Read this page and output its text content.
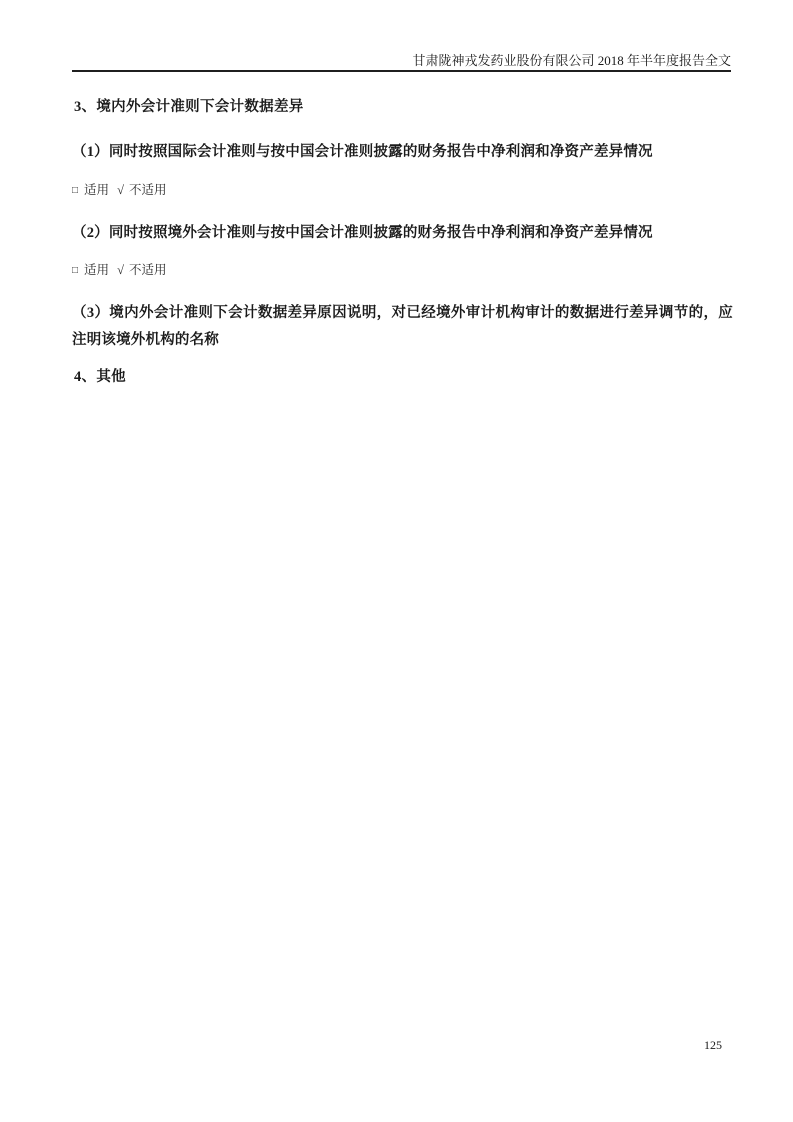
甘肃陇神戎发药业股份有限公司 2018 年半年度报告全文
3、境内外会计准则下会计数据差异
（1）同时按照国际会计准则与按中国会计准则披露的财务报告中净利润和净资产差异情况
□ 适用 √ 不适用
（2）同时按照境外会计准则与按中国会计准则披露的财务报告中净利润和净资产差异情况
□ 适用 √ 不适用
（3）境内外会计准则下会计数据差异原因说明，对已经境外审计机构审计的数据进行差异调节的，应注明该境外机构的名称
4、其他
125
